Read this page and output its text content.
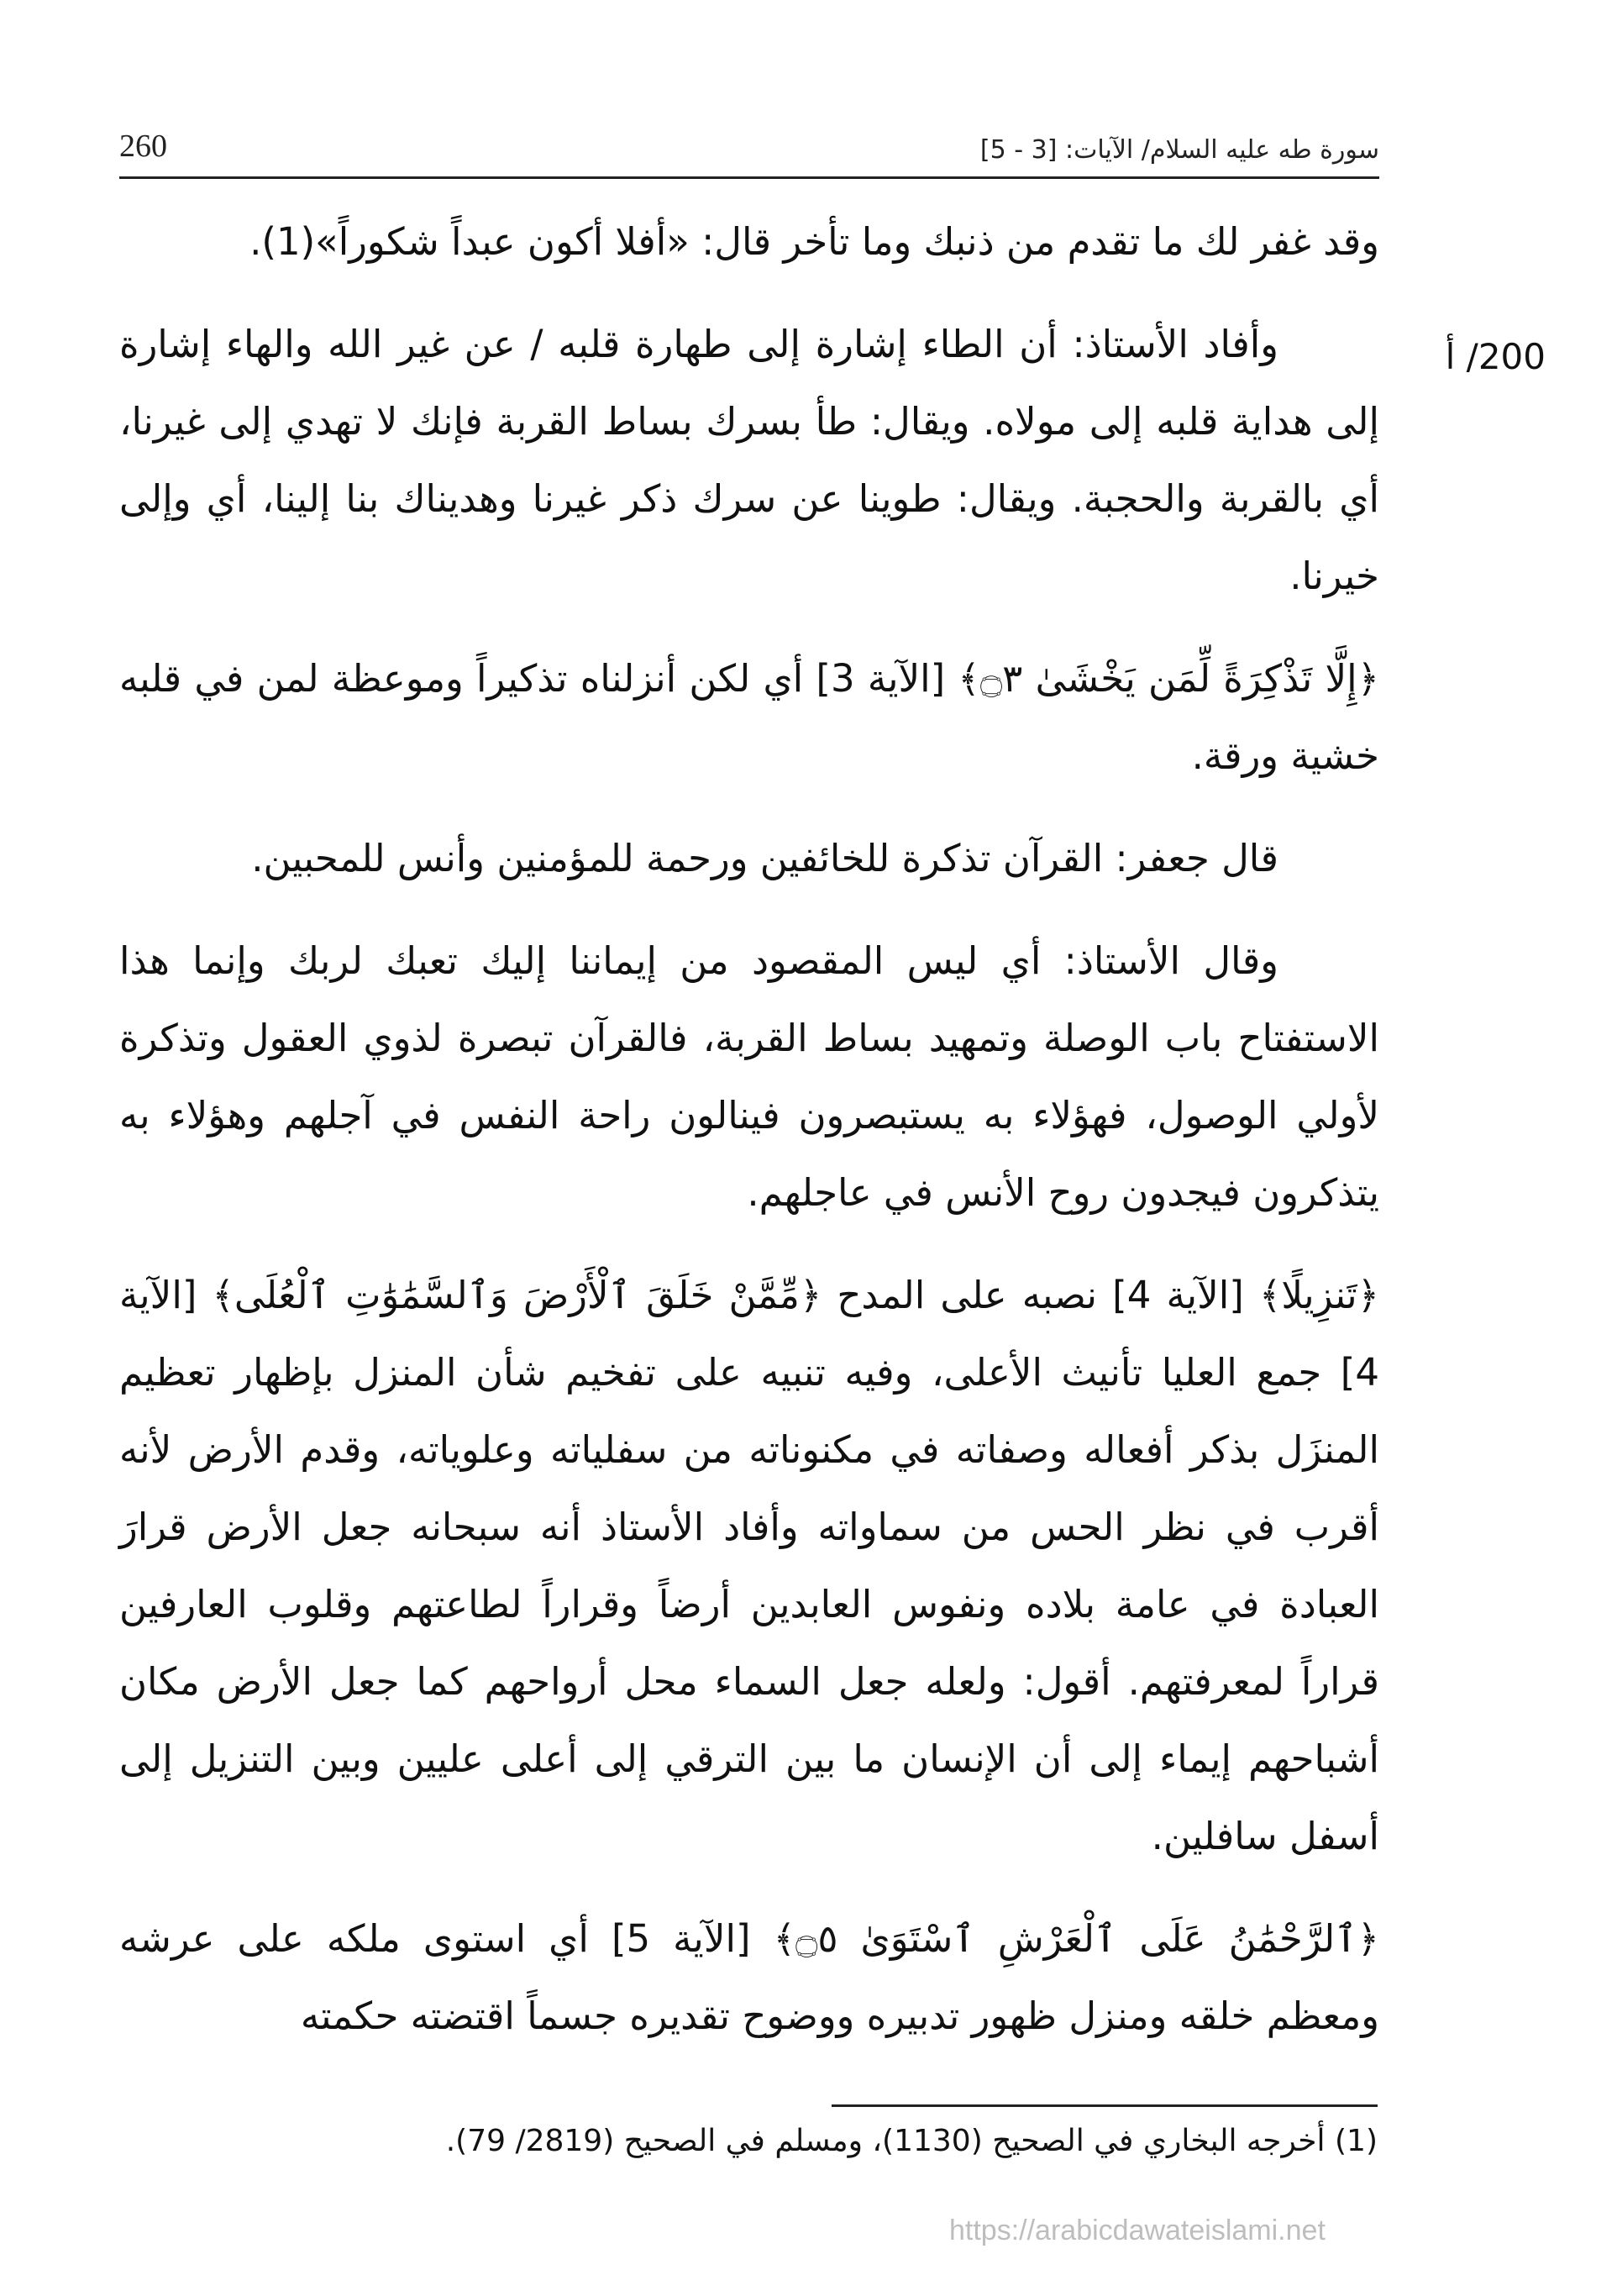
260	سورة طه عليه السلام/ الآيات: [3 - 5]
200/ أ

وقد غفر لك ما تقدم من ذنبك وما تأخر قال: «أفلا أكون عبداً شكوراً»(1).

وأفاد الأستاذ: أن الطاء إشارة إلى طهارة قلبه / عن غير الله والهاء إشارة إلى هداية قلبه إلى مولاه. ويقال: طأ بسرك بساط القربة فإنك لا تهدي إلى غيرنا، أي بالقربة والحجبة. ويقال: طوينا عن سرك ذكر غيرنا وهديناك بنا إلينا، أي وإلى خيرنا.

﴿إِلَّا تَذْكِرَةً لِّمَن يَخْشَىٰ ۝٣﴾ [الآية 3] أي لكن أنزلناه تذكيراً وموعظة لمن في قلبه خشية ورقة.

قال جعفر: القرآن تذكرة للخائفين ورحمة للمؤمنين وأنس للمحبين.

وقال الأستاذ: أي ليس المقصود من إيماننا إليك تعبك لربك وإنما هذا الاستفتاح باب الوصلة وتمهيد بساط القربة، فالقرآن تبصرة لذوي العقول وتذكرة لأولي الوصول، فهؤلاء به يستبصرون فينالون راحة النفس في آجلهم وهؤلاء به يتذكرون فيجدون روح الأنس في عاجلهم.

﴿تَنزِيلًا﴾ [الآية 4] نصبه على المدح ﴿مِّمَّنْ خَلَقَ ٱلْأَرْضَ وَٱلسَّمَٰوَٰتِ ٱلْعُلَى﴾ [الآية 4] جمع العليا تأنيث الأعلى، وفيه تنبيه على تفخيم شأن المنزل بإظهار تعظيم المنزَل بذكر أفعاله وصفاته في مكنوناته من سفلياته وعلوياته، وقدم الأرض لأنه أقرب في نظر الحس من سماواته وأفاد الأستاذ أنه سبحانه جعل الأرض قرارَ العبادة في عامة بلاده ونفوس العابدين أرضاً وقراراً لطاعتهم وقلوب العارفين قراراً لمعرفتهم. أقول: ولعله جعل السماء محل أرواحهم كما جعل الأرض مكان أشباحهم إيماء إلى أن الإنسان ما بين الترقي إلى أعلى عليين وبين التنزيل إلى أسفل سافلين.

﴿ٱلرَّحْمَٰنُ عَلَى ٱلْعَرْشِ ٱسْتَوَىٰ ۝٥﴾ [الآية 5] أي استوى ملكه على عرشه ومعظم خلقه ومنزل ظهور تدبيره ووضوح تقديره جسماً اقتضته حكمته

(1) أخرجه البخاري في الصحيح (1130)، ومسلم في الصحيح (2819/ 79).
https://arabicdawateislami.net
